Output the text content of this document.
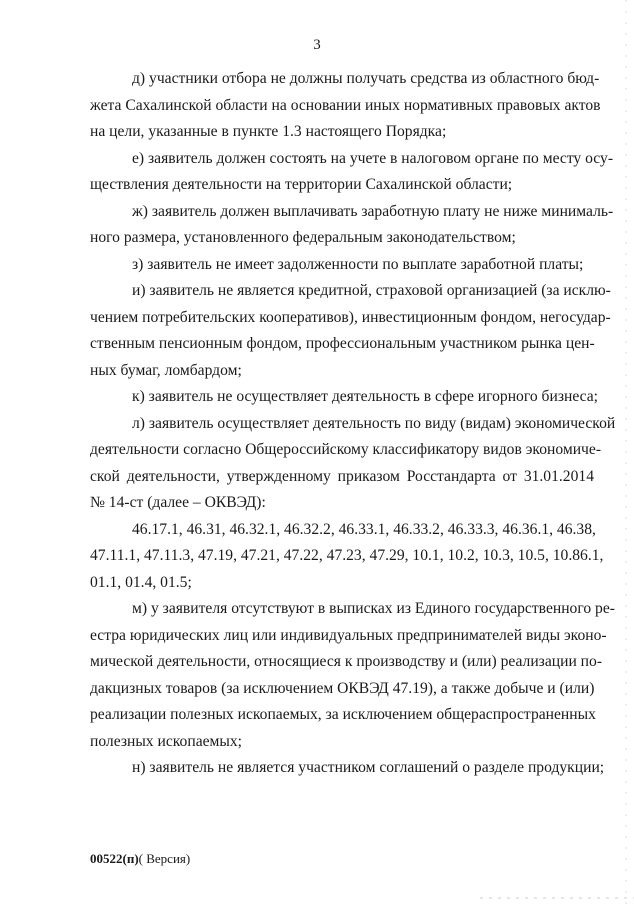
3

д) участники отбора не должны получать средства из областного бюд-
жета Сахалинской области на основании иных нормативных правовых актов
на цели, указанные в пункте 1.3 настоящего Порядка;

е) заявитель должен состоять на учете в налоговом органе по месту осу-
ществления деятельности на территории Сахалинской области;

ж) заявитель должен выплачивать заработную плату не ниже минималь-
ного размера, установленного федеральным законодательством;

з) заявитель не имеет задолженности по выплате заработной платы;

и) заявитель не является кредитной, страховой организацией (за исклю-
чением потребительских кооперативов), инвестиционным фондом, негосудар-
ственным пенсионным фондом, профессиональным участником рынка цен-
ных бумаг, ломбардом;

к) заявитель не осуществляет деятельность в сфере игорного бизнеса;

л) заявитель осуществляет деятельность по виду (видам) экономической
деятельности согласно Общероссийскому классификатору видов экономиче-
ской деятельности, утвержденному приказом Росстандарта от 31.01.2014
№ 14-ст (далее – ОКВЭД):

46.17.1, 46.31, 46.32.1, 46.32.2, 46.33.1, 46.33.2, 46.33.3, 46.36.1, 46.38,
47.11.1, 47.11.3, 47.19, 47.21, 47.22, 47.23, 47.29, 10.1, 10.2, 10.3, 10.5, 10.86.1,
01.1, 01.4, 01.5;

м) у заявителя отсутствуют в выписках из Единого государственного ре-
естра юридических лиц или индивидуальных предпринимателей виды эконо-
мической деятельности, относящиеся к производству и (или) реализации по-
дакцизных товаров (за исключением ОКВЭД 47.19), а также добыче и (или)
реализации полезных ископаемых, за исключением общераспространенных
полезных ископаемых;

н) заявитель не является участником соглашений о разделе продукции;

00522(п)( Версия)
